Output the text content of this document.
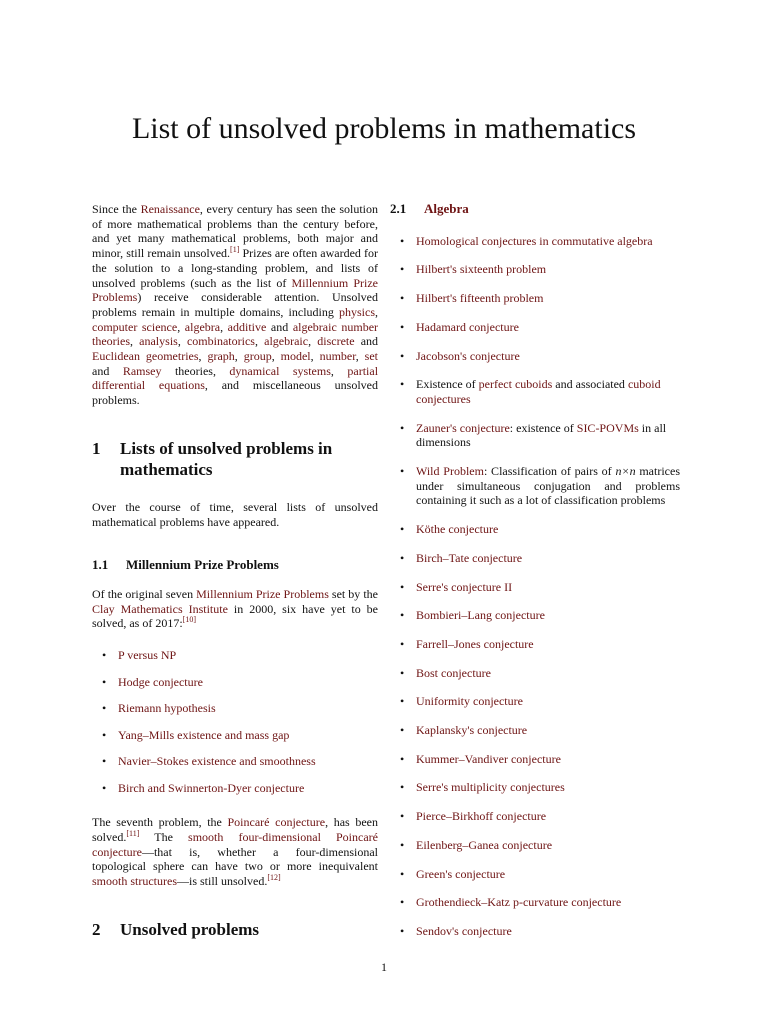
List of unsolved problems in mathematics

Since the Renaissance, every century has seen the solution of more mathematical problems than the century before, and yet many mathematical problems, both major and minor, still remain unsolved.[1] Prizes are often awarded for the solution to a long-standing problem, and lists of unsolved problems (such as the list of Millennium Prize Problems) receive considerable attention. Unsolved problems remain in multiple domains, including physics, computer science, algebra, additive and algebraic number theories, analysis, combinatorics, algebraic, discrete and Euclidean geometries, graph, group, model, number, set and Ramsey theories, dynamical systems, partial differential equations, and miscellaneous unsolved problems.

1	Lists of unsolved problems in mathematics

Over the course of time, several lists of unsolved mathematical problems have appeared.

1.1	Millennium Prize Problems

Of the original seven Millennium Prize Problems set by the Clay Mathematics Institute in 2000, six have yet to be solved, as of 2017:[10]

• P versus NP
• Hodge conjecture
• Riemann hypothesis
• Yang–Mills existence and mass gap
• Navier–Stokes existence and smoothness
• Birch and Swinnerton-Dyer conjecture

The seventh problem, the Poincaré conjecture, has been solved.[11] The smooth four-dimensional Poincaré conjecture—that is, whether a four-dimensional topological sphere can have two or more inequivalent smooth structures—is still unsolved.[12]

2	Unsolved problems
2.1	Algebra
• Homological conjectures in commutative algebra
• Hilbert's sixteenth problem
• Hilbert's fifteenth problem
• Hadamard conjecture
• Jacobson's conjecture
• Existence of perfect cuboids and associated cuboid conjectures
• Zauner's conjecture: existence of SIC-POVMs in all dimensions
• Wild Problem: Classification of pairs of n×n matrices under simultaneous conjugation and problems containing it such as a lot of classification problems
• Köthe conjecture
• Birch–Tate conjecture
• Serre's conjecture II
• Bombieri–Lang conjecture
• Farrell–Jones conjecture
• Bost conjecture
• Uniformity conjecture
• Kaplansky's conjecture
• Kummer–Vandiver conjecture
• Serre's multiplicity conjectures
• Pierce–Birkhoff conjecture
• Eilenberg–Ganea conjecture
• Green's conjecture
• Grothendieck–Katz p-curvature conjecture
• Sendov's conjecture
1
